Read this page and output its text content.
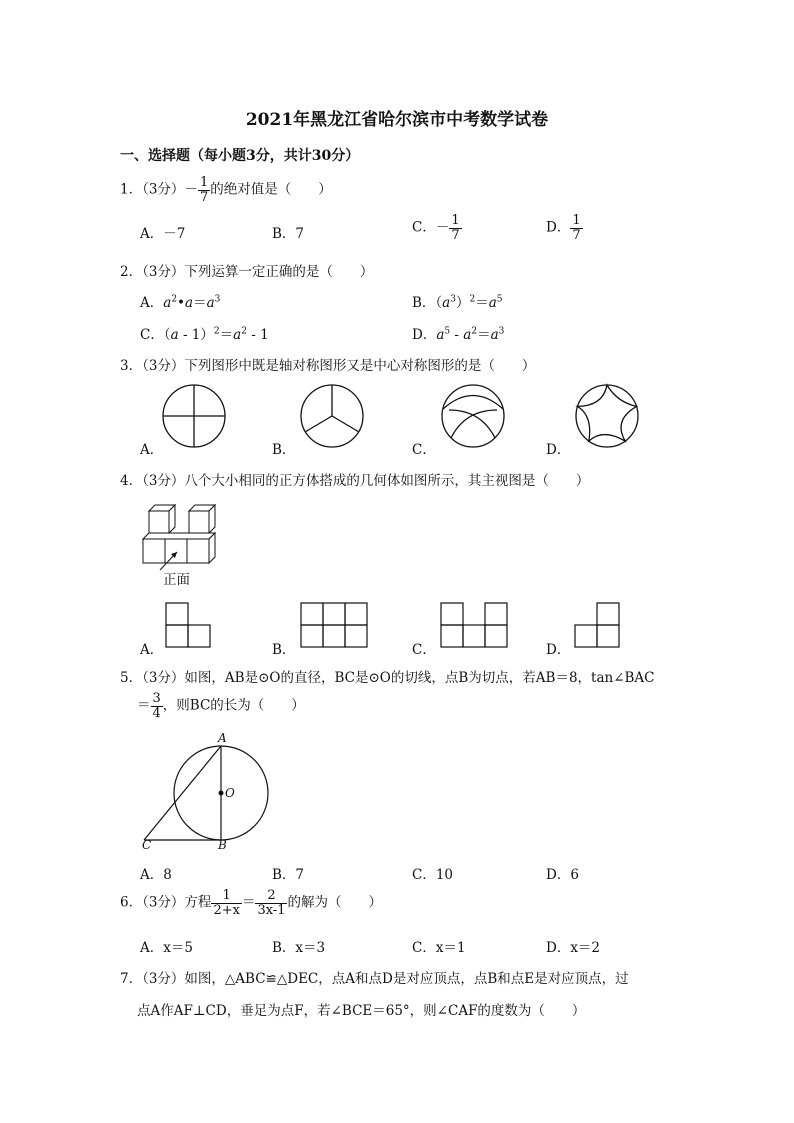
2021年黑龙江省哈尔滨市中考数学试卷
一、选择题（每小题3分，共计30分）
1．（3分）－ $\frac{1}{7}$ 的绝对值是（　　）
A．－7	B．7	C．－ $\frac{1}{7}$	D． $\frac{1}{7}$
2．（3分）下列运算一定正确的是（　　）
A．$a^2•a=a^3$	B．$(a^3)^2=a^5$
C．$(a - 1)^2=a^2 - 1$	D．$a^5 - a^2=a^3$
3．（3分）下列图形中既是轴对称图形又是中心对称图形的是（　　）
A．	B．	C．	D．
4．（3分）八个大小相同的正方体搭成的几何体如图所示，其主视图是（　　）
正面
A．	B．	C．	D．
5．（3分）如图，AB是⊙O的直径，BC是⊙O的切线，点B为切点，若AB＝8，tan∠BAC
＝ $\frac{3}{4}$ ，则BC的长为（　　）
A
O
B
C
A．8	B．7	C．10	D．6
6．（3分）方程 $\frac{1}{2+x} = \frac{2}{3x-1}$ 的解为（　　）
A．x＝5	B．x＝3	C．x＝1	D．x＝2
7．（3分）如图，△ABC≌△DEC，点A和点D是对应顶点，点B和点E是对应顶点，过
点A作AF⊥CD，垂足为点F，若∠BCE＝65°，则∠CAF的度数为（　　）
